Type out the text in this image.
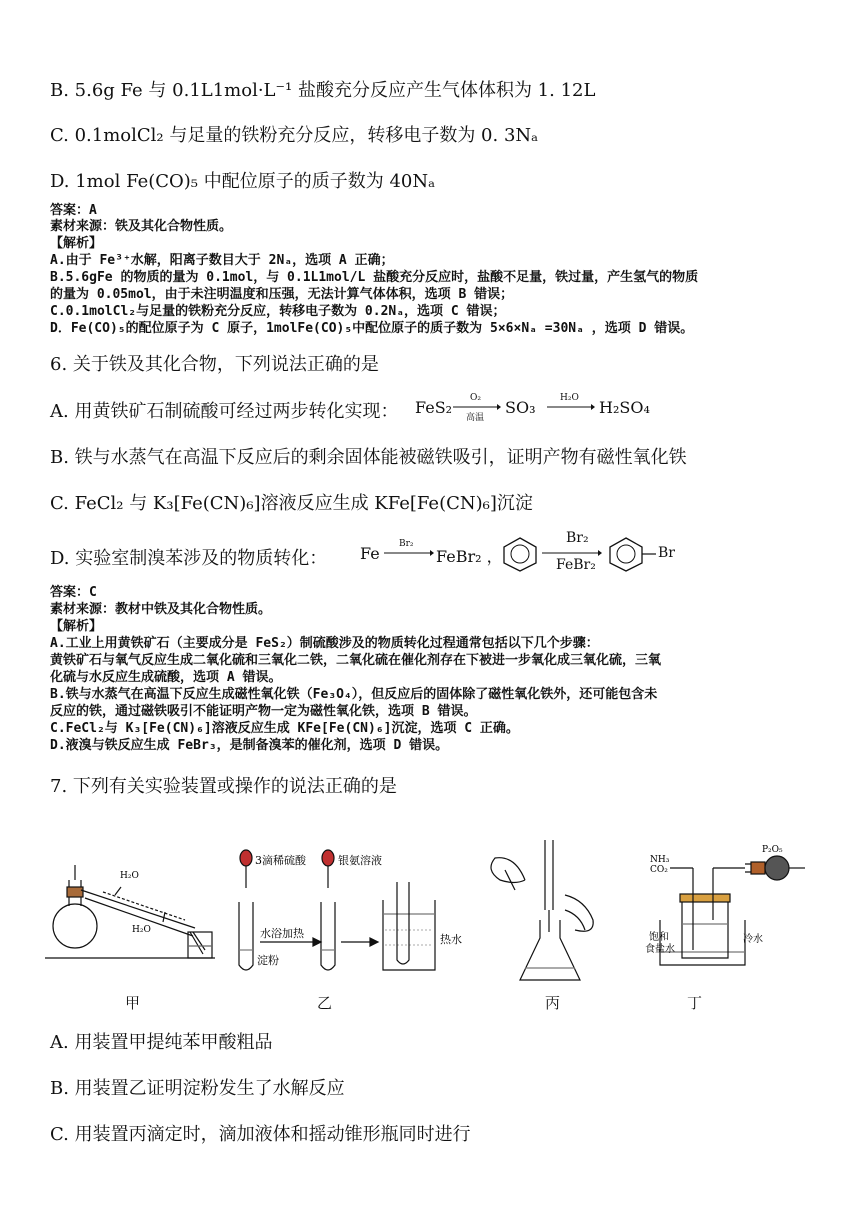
B. 5.6g Fe 与 0.1L1mol·L⁻¹ 盐酸充分反应产生气体体积为 1. 12L
C. 0.1molCl₂ 与足量的铁粉充分反应，转移电子数为 0. 3Nₐ
D. 1mol Fe(CO)₅ 中配位原子的质子数为 40Nₐ
答案：A
素材来源：铁及其化合物性质。
【解析】
A.由于 Fe³⁺水解，阳离子数目大于 2Nₐ，选项 A 正确；
B.5.6gFe 的物质的量为 0.1mol，与 0.1L1mol/L 盐酸充分反应时，盐酸不足量，铁过量，产生氢气的物质
的量为 0.05mol，由于未注明温度和压强，无法计算气体体积，选项 B 错误；
C.0.1molCl₂与足量的铁粉充分反应，转移电子数为 0.2Nₐ，选项 C 错误；
D．Fe(CO)₅的配位原子为 C 原子，1molFe(CO)₅中配位原子的质子数为 5×6×Nₐ =30Nₐ ，选项 D 错误。
6. 关于铁及其化合物，下列说法正确的是
A. 用黄铁矿石制硫酸可经过两步转化实现： FeS₂ O₂
高温
SO₃	H₂O H₂SO₄
B. 铁与水蒸气在高温下反应后的剩余固体能被磁铁吸引，证明产物有磁性氧化铁
C. FeCl₂ 与 K₃[Fe(CN)₆]溶液反应生成 KFe[Fe(CN)₆]沉淀
D. 实验室制溴苯涉及的物质转化： Fe Br₂
FeBr₂ ，
Br₂
FeBr₂
Br
答案：C
素材来源：教材中铁及其化合物性质。
【解析】
A.工业上用黄铁矿石（主要成分是 FeS₂）制硫酸涉及的物质转化过程通常包括以下几个步骤：
黄铁矿石与氧气反应生成二氧化硫和三氧化二铁，二氧化硫在催化剂存在下被进一步氧化成三氧化硫，三氧
化硫与水反应生成硫酸，选项 A 错误。
B.铁与水蒸气在高温下反应生成磁性氧化铁（Fe₃O₄），但反应后的固体除了磁性氧化铁外，还可能包含未
反应的铁，通过磁铁吸引不能证明产物一定为磁性氧化铁，选项 B 错误。
C.FeCl₂与 K₃[Fe(CN)₆]溶液反应生成 KFe[Fe(CN)₆]沉淀，选项 C 正确。
D.液溴与铁反应生成 FeBr₃，是制备溴苯的催化剂，选项 D 错误。
7. 下列有关实验装置或操作的说法正确的是
H₂O
H₂O
3滴稀硫酸	银氨溶液
水浴加热
淀粉
热水
NH₃
CO₂
P₂O₅
饱和
食盐水
冷水
甲	乙	丙	丁
A. 用装置甲提纯苯甲酸粗品
B. 用装置乙证明淀粉发生了水解反应
C. 用装置丙滴定时，滴加液体和摇动锥形瓶同时进行
